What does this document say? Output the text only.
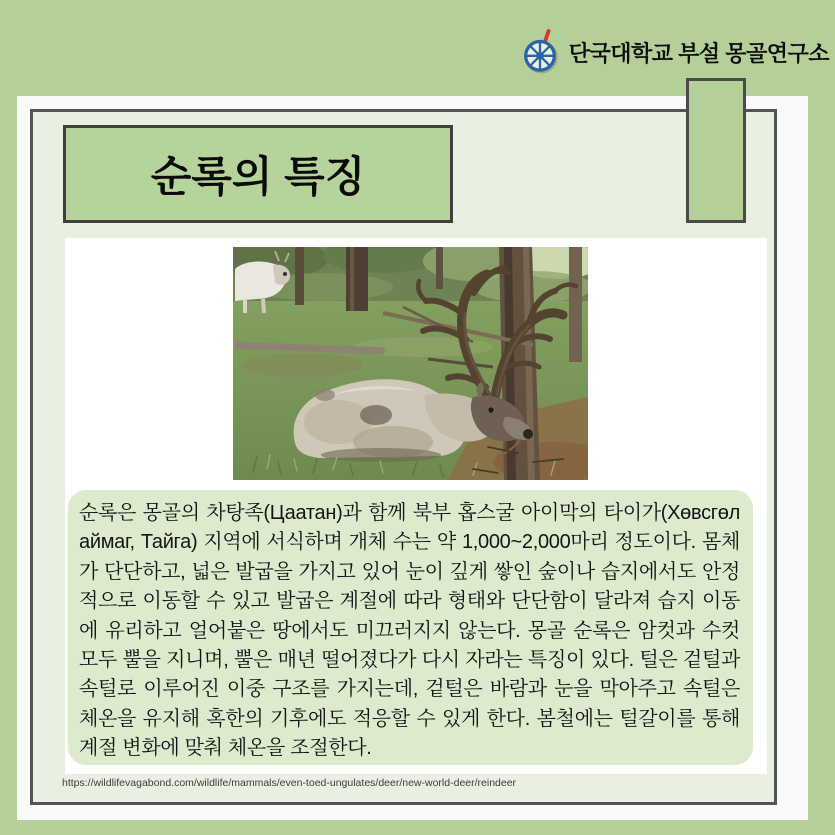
단국대학교 부설 몽골연구소
순록의 특징

순록은 몽골의 차탕족(Цаатан)과 함께 북부 홉스굴 아이막의 타이가(Хөвсгөл аймаг, Тайга) 지역에 서식하며 개체 수는 약 1,000~2,000마리 정도이다. 몸체가 단단하고, 넓은 발굽을 가지고 있어 눈이 깊게 쌓인 숲이나 습지에서도 안정적으로 이동할 수 있고 발굽은 계절에 따라 형태와 단단함이 달라져 습지 이동에 유리하고 얼어붙은 땅에서도 미끄러지지 않는다. 몽골 순록은 암컷과 수컷 모두 뿔을 지니며, 뿔은 매년 떨어졌다가 다시 자라는 특징이 있다. 털은 겉털과 속털로 이루어진 이중 구조를 가지는데, 겉털은 바람과 눈을 막아주고 속털은 체온을 유지해 혹한의 기후에도 적응할 수 있게 한다. 봄철에는 털갈이를 통해 계절 변화에 맞춰 체온을 조절한다.

https://wildlifevagabond.com/wildlife/mammals/even-toed-ungulates/deer/new-world-deer/reindeer
